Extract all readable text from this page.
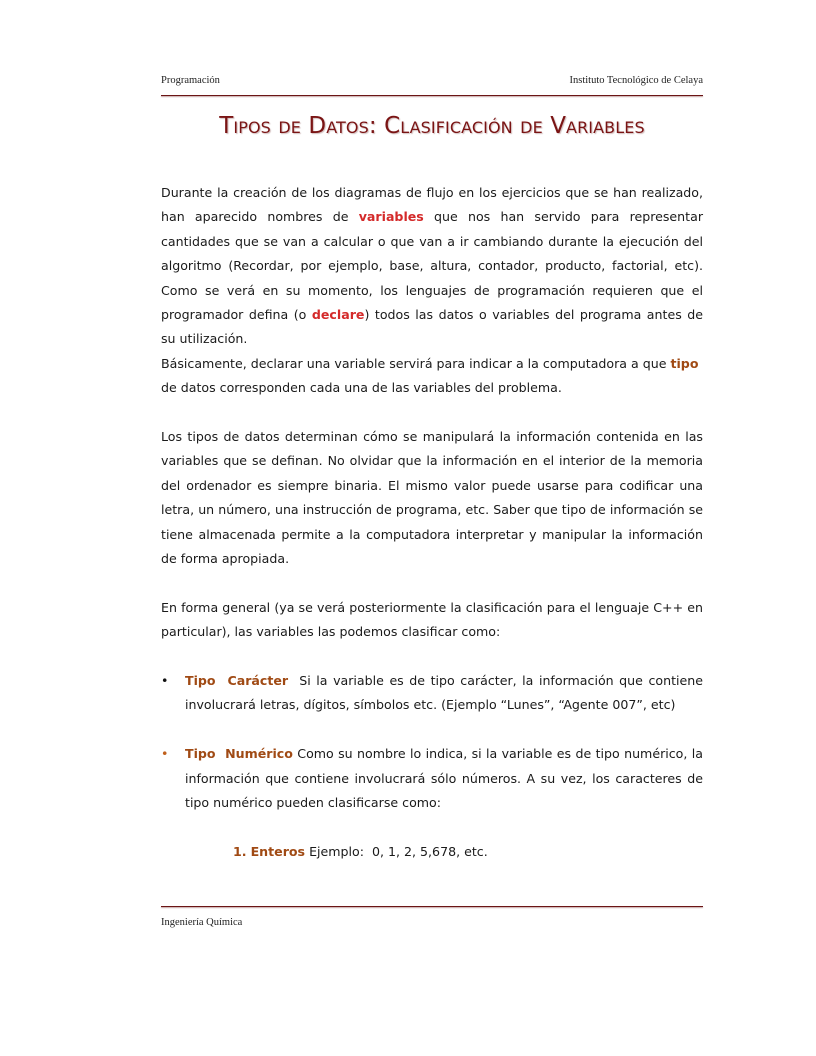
Programación	Instituto Tecnológico de Celaya
Tipos de Datos: Clasificación de Variables

Durante la creación de los diagramas de flujo en los ejercicios que se han realizado, han aparecido nombres de variables que nos han servido para representar cantidades que se van a calcular o que van a ir cambiando durante la ejecución del algoritmo (Recordar, por ejemplo, base, altura, contador, producto, factorial, etc). Como se verá en su momento, los lenguajes de programación requieren que el programador defina (o declare) todos las datos o variables del programa antes de su utilización.

Básicamente, declarar una variable servirá para indicar a la computadora a que tipo de datos corresponden cada una de las variables del problema.

Los tipos de datos determinan cómo se manipulará la información contenida en las variables que se definan. No olvidar que la información en el interior de la memoria del ordenador es siempre binaria. El mismo valor puede usarse para codificar una letra, un número, una instrucción de programa, etc. Saber que tipo de información se tiene almacenada permite a la computadora interpretar y manipular la información de forma apropiada.

En forma general (ya se verá posteriormente la clasificación para el lenguaje C++ en particular), las variables las podemos clasificar como:

• Tipo  Carácter  Si la variable es de tipo carácter, la información que contiene involucrará letras, dígitos, símbolos etc. (Ejemplo “Lunes”, “Agente 007”, etc)

• Tipo  Numérico Como su nombre lo indica, si la variable es de tipo numérico, la información que contiene involucrará sólo números. A su vez, los caracteres de tipo numérico pueden clasificarse como:

1. Enteros Ejemplo:  0, 1, 2, 5,678, etc.

Ingeniería Química
